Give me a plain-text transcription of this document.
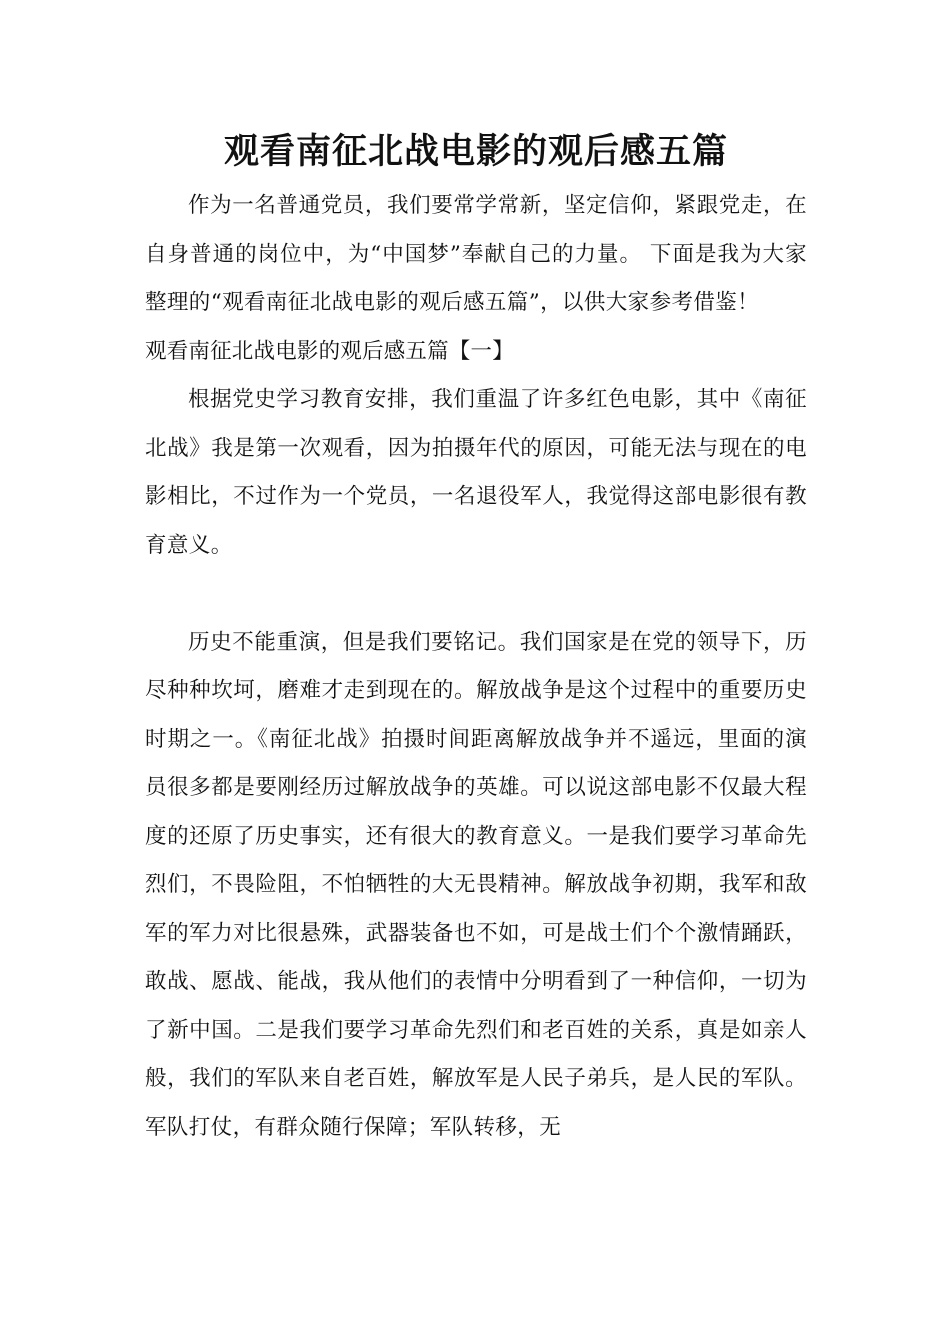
观看南征北战电影的观后感五篇

作为一名普通党员，我们要常学常新，坚定信仰，紧跟党走，在自身普通的岗位中，为“中国梦”奉献自己的力量。 下面是我为大家整理的“观看南征北战电影的观后感五篇”，以供大家参考借鉴！

观看南征北战电影的观后感五篇【一】

根据党史学习教育安排，我们重温了许多红色电影，其中《南征北战》我是第一次观看，因为拍摄年代的原因，可能无法与现在的电影相比，不过作为一个党员，一名退役军人，我觉得这部电影很有教育意义。

历史不能重演，但是我们要铭记。我们国家是在党的领导下，历尽种种坎坷，磨难才走到现在的。解放战争是这个过程中的重要历史时期之一。《南征北战》拍摄时间距离解放战争并不遥远，里面的演员很多都是要刚经历过解放战争的英雄。可以说这部电影不仅最大程度的还原了历史事实，还有很大的教育意义。一是我们要学习革命先烈们，不畏险阻，不怕牺牲的大无畏精神。解放战争初期，我军和敌军的军力对比很悬殊，武器装备也不如，可是战士们个个激情踊跃，敢战、愿战、能战，我从他们的表情中分明看到了一种信仰，一切为了新中国。二是我们要学习革命先烈们和老百姓的关系，真是如亲人般，我们的军队来自老百姓，解放军是人民子弟兵，是人民的军队。军队打仗，有群众随行保障；军队转移，无
